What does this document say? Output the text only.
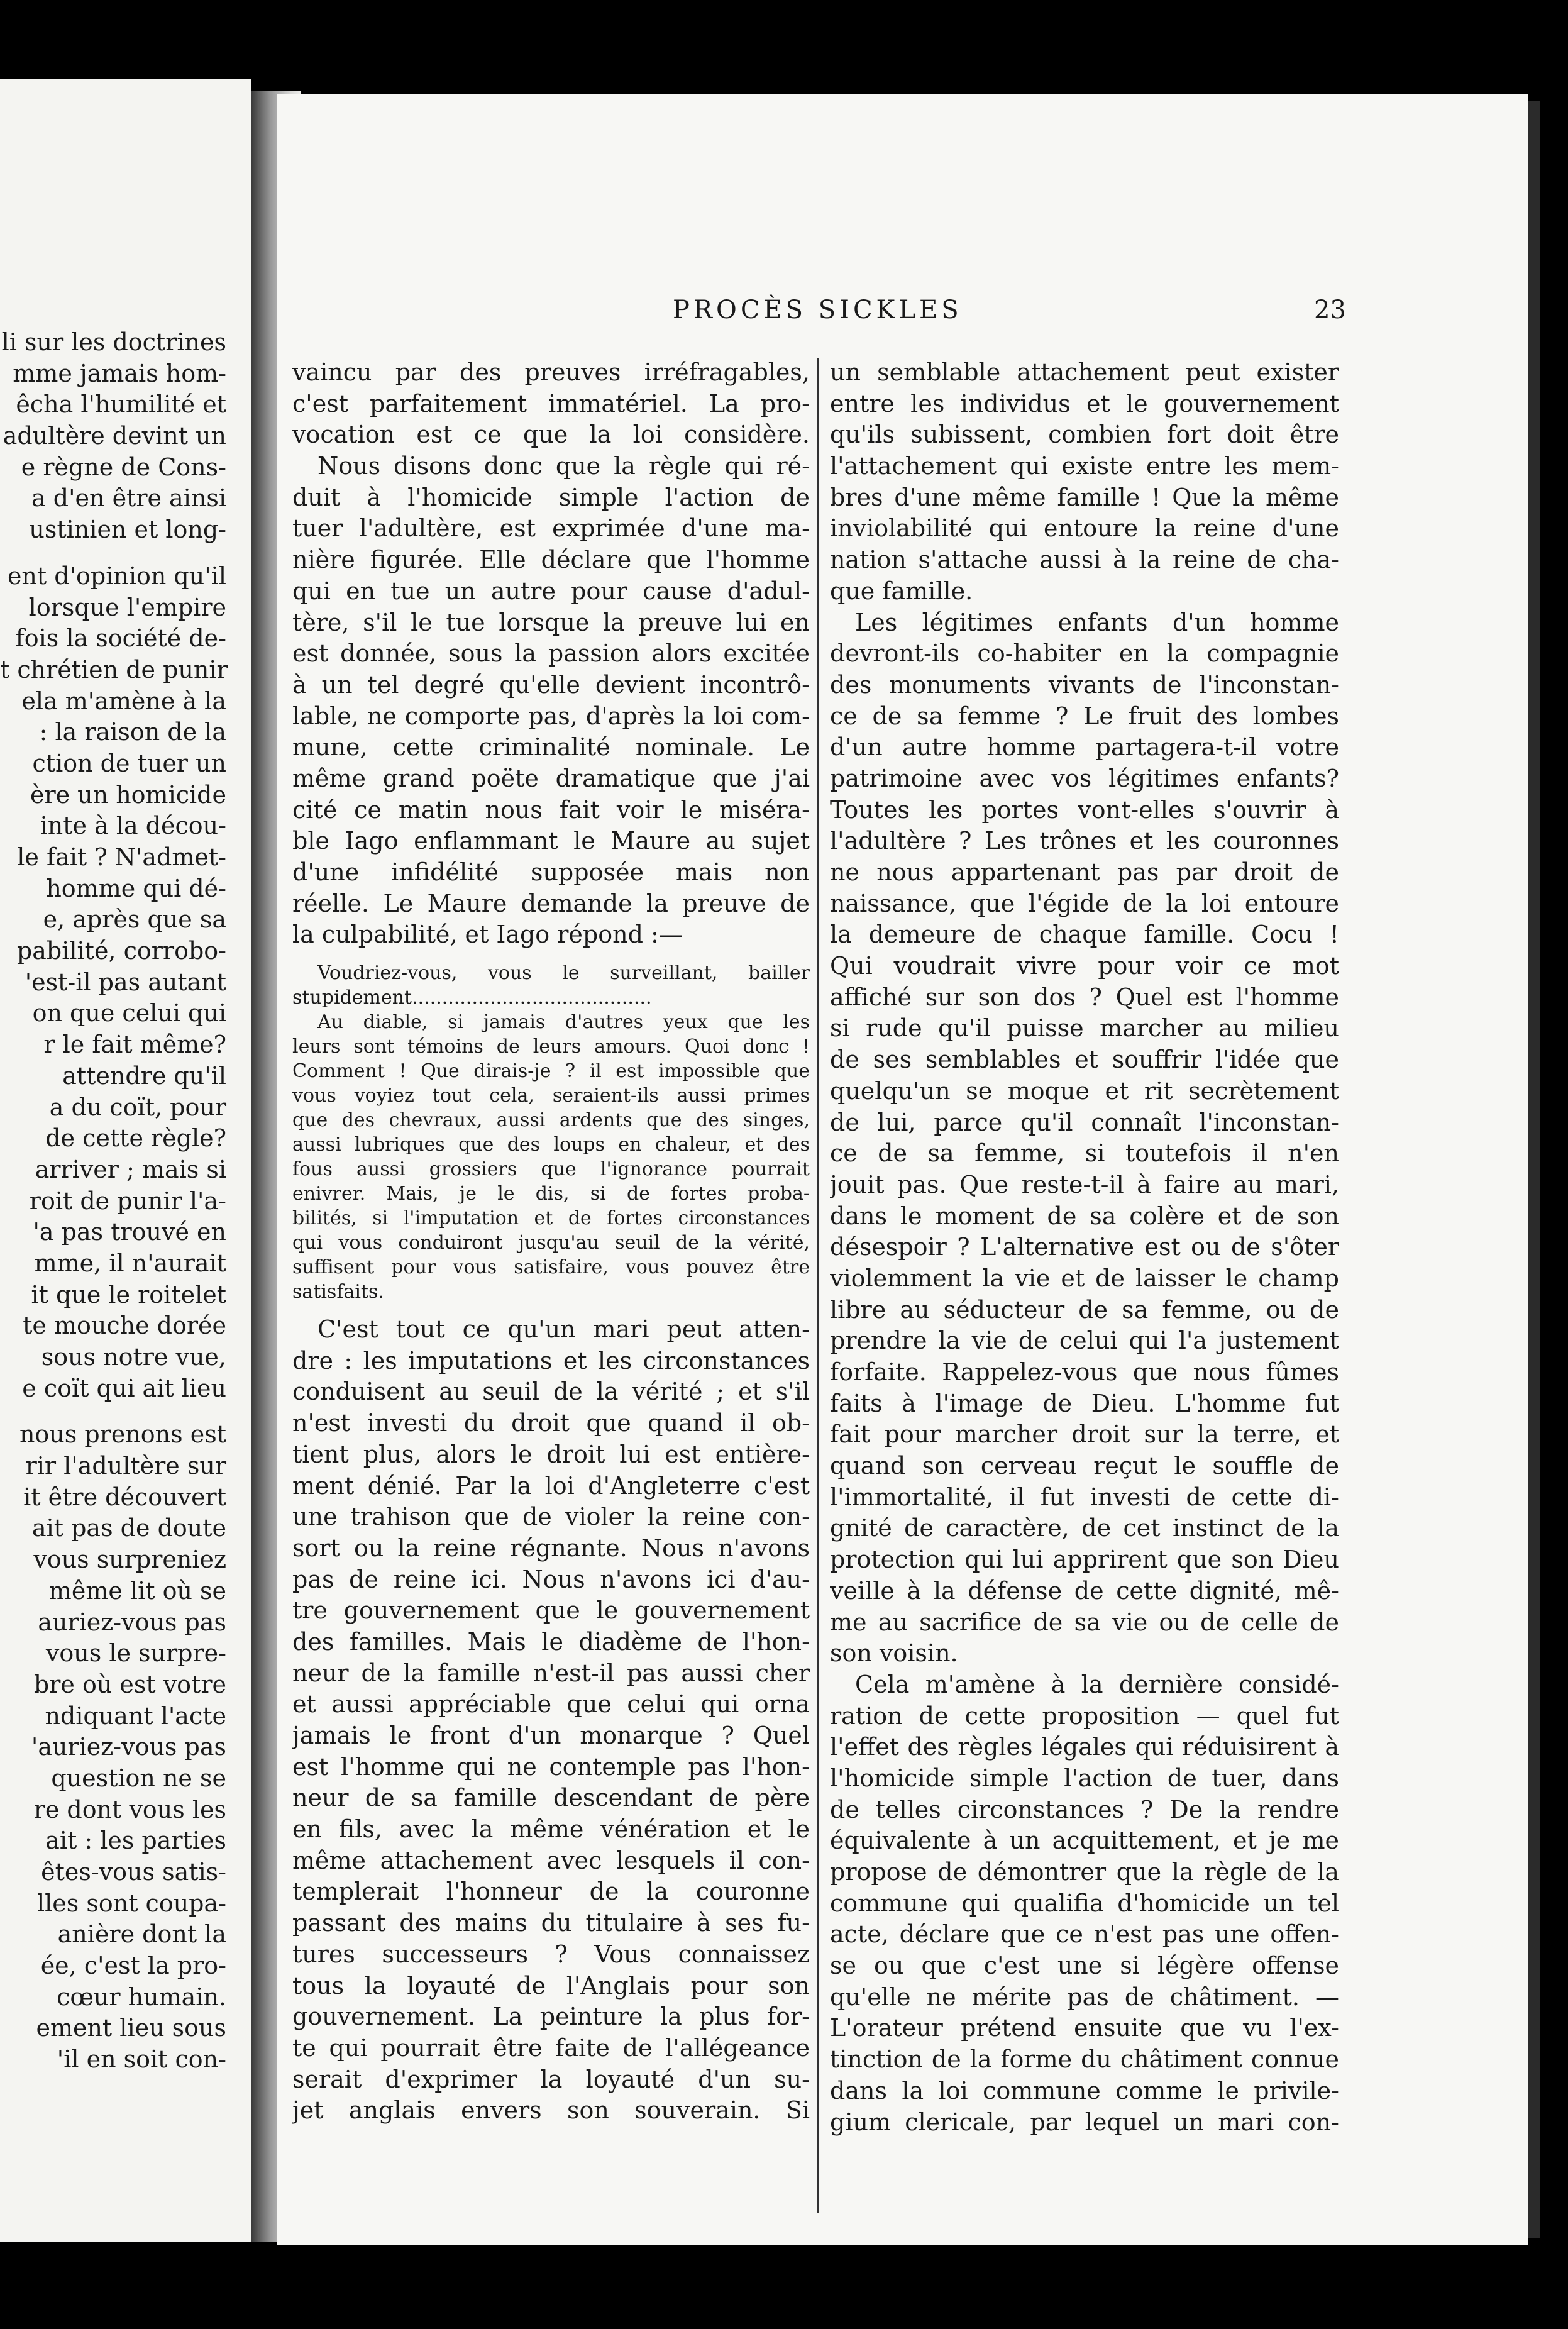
li sur les doctrines
mme jamais hom-
êcha l'humilité et
adultère devint un
e règne de Cons-
a d'en être ainsi
ustinien et long-
ent d'opinion qu'il
lorsque l'empire
fois la société de-
t chrétien de punir
ela m'amène à la
: la raison de la
ction de tuer un
ère un homicide
inte à la décou-
le fait ? N'admet-
homme qui dé-
e, après que sa
pabilité, corrobo-
'est-il pas autant
on que celui qui
r le fait même?
attendre qu'il
a du coït, pour
de cette règle?
arriver ; mais si
roit de punir l'a-
'a pas trouvé en
mme, il n'aurait
it que le roitelet
te mouche dorée
sous notre vue,
e coït qui ait lieu
nous prenons est
rir l'adultère sur
it être découvert
ait pas de doute
vous surpreniez
même lit où se
auriez-vous pas
vous le surpre-
bre où est votre
ndiquant l'acte
'auriez-vous pas
question ne se
re dont vous les
ait : les parties
êtes-vous satis-
lles sont coupa-
anière dont la
ée, c'est la pro-
cœur humain.
ement lieu sous
'il en soit con-
PROCÈS SICKLES	23
vaincu par des preuves irréfragables,
c'est parfaitement immatériel. La pro-
vocation est ce que la loi considère.
Nous disons donc que la règle qui ré-
duit à l'homicide simple l'action de
tuer l'adultère, est exprimée d'une ma-
nière figurée. Elle déclare que l'homme
qui en tue un autre pour cause d'adul-
tère, s'il le tue lorsque la preuve lui en
est donnée, sous la passion alors excitée
à un tel degré qu'elle devient incontrô-
lable, ne comporte pas, d'après la loi com-
mune, cette criminalité nominale. Le
même grand poëte dramatique que j'ai
cité ce matin nous fait voir le miséra-
ble Iago enflammant le Maure au sujet
d'une infidélité supposée mais non
réelle. Le Maure demande la preuve de
la culpabilité, et Iago répond :—
Voudriez-vous, vous le surveillant, bailler
stupidement........................................
Au diable, si jamais d'autres yeux que les
leurs sont témoins de leurs amours. Quoi donc !
Comment ! Que dirais-je ? il est impossible que
vous voyiez tout cela, seraient-ils aussi primes
que des chevraux, aussi ardents que des singes,
aussi lubriques que des loups en chaleur, et des
fous aussi grossiers que l'ignorance pourrait
enivrer. Mais, je le dis, si de fortes proba-
bilités, si l'imputation et de fortes circonstances
qui vous conduiront jusqu'au seuil de la vérité,
suffisent pour vous satisfaire, vous pouvez être
satisfaits.
C'est tout ce qu'un mari peut atten-
dre : les imputations et les circonstances
conduisent au seuil de la vérité ; et s'il
n'est investi du droit que quand il ob-
tient plus, alors le droit lui est entière-
ment dénié. Par la loi d'Angleterre c'est
une trahison que de violer la reine con-
sort ou la reine régnante. Nous n'avons
pas de reine ici. Nous n'avons ici d'au-
tre gouvernement que le gouvernement
des familles. Mais le diadème de l'hon-
neur de la famille n'est-il pas aussi cher
et aussi appréciable que celui qui orna
jamais le front d'un monarque ? Quel
est l'homme qui ne contemple pas l'hon-
neur de sa famille descendant de père
en fils, avec la même vénération et le
même attachement avec lesquels il con-
templerait l'honneur de la couronne
passant des mains du titulaire à ses fu-
tures successeurs ? Vous connaissez
tous la loyauté de l'Anglais pour son
gouvernement. La peinture la plus for-
te qui pourrait être faite de l'allégeance
serait d'exprimer la loyauté d'un su-
jet anglais envers son souverain. Si
un semblable attachement peut exister
entre les individus et le gouvernement
qu'ils subissent, combien fort doit être
l'attachement qui existe entre les mem-
bres d'une même famille ! Que la même
inviolabilité qui entoure la reine d'une
nation s'attache aussi à la reine de cha-
que famille.
Les légitimes enfants d'un homme
devront-ils co-habiter en la compagnie
des monuments vivants de l'inconstan-
ce de sa femme ? Le fruit des lombes
d'un autre homme partagera-t-il votre
patrimoine avec vos légitimes enfants?
Toutes les portes vont-elles s'ouvrir à
l'adultère ? Les trônes et les couronnes
ne nous appartenant pas par droit de
naissance, que l'égide de la loi entoure
la demeure de chaque famille. Cocu !
Qui voudrait vivre pour voir ce mot
affiché sur son dos ? Quel est l'homme
si rude qu'il puisse marcher au milieu
de ses semblables et souffrir l'idée que
quelqu'un se moque et rit secrètement
de lui, parce qu'il connaît l'inconstan-
ce de sa femme, si toutefois il n'en
jouit pas. Que reste-t-il à faire au mari,
dans le moment de sa colère et de son
désespoir ? L'alternative est ou de s'ôter
violemment la vie et de laisser le champ
libre au séducteur de sa femme, ou de
prendre la vie de celui qui l'a justement
forfaite. Rappelez-vous que nous fûmes
faits à l'image de Dieu. L'homme fut
fait pour marcher droit sur la terre, et
quand son cerveau reçut le souffle de
l'immortalité, il fut investi de cette di-
gnité de caractère, de cet instinct de la
protection qui lui apprirent que son Dieu
veille à la défense de cette dignité, mê-
me au sacrifice de sa vie ou de celle de
son voisin.
Cela m'amène à la dernière considé-
ration de cette proposition — quel fut
l'effet des règles légales qui réduisirent à
l'homicide simple l'action de tuer, dans
de telles circonstances ? De la rendre
équivalente à un acquittement, et je me
propose de démontrer que la règle de la
commune qui qualifia d'homicide un tel
acte, déclare que ce n'est pas une offen-
se ou que c'est une si légère offense
qu'elle ne mérite pas de châtiment. —
L'orateur prétend ensuite que vu l'ex-
tinction de la forme du châtiment connue
dans la loi commune comme le privile-
gium clericale, par lequel un mari con-
